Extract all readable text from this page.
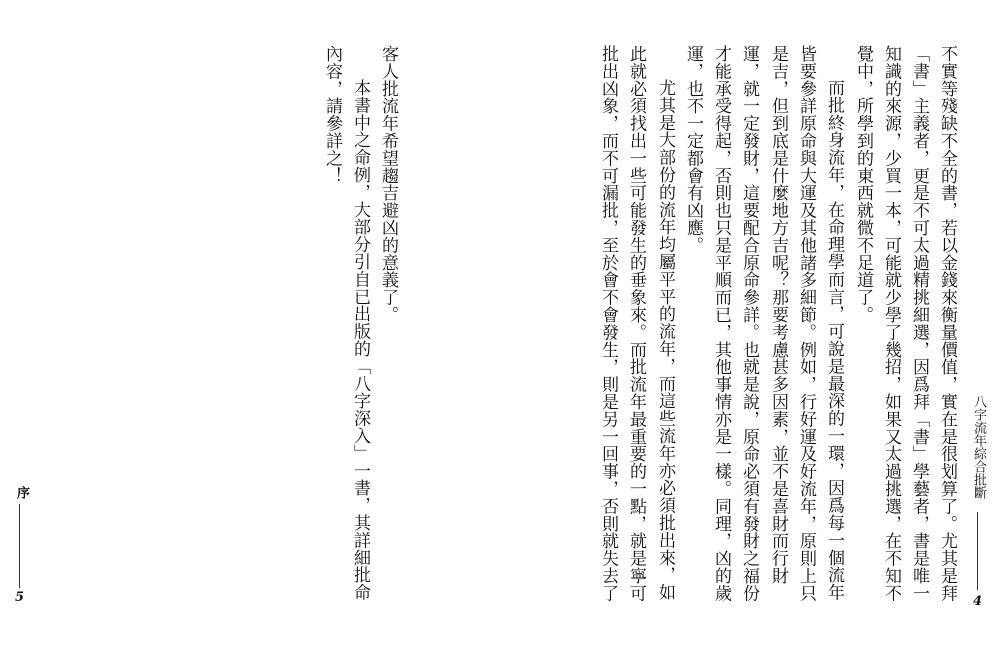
八字流年綜合批斷
4
不實等殘缺不全的書，若以金錢來衡量價值，實在是很划算了。尤其是拜
「書」主義者，更是不可太過精挑細選，因爲拜「書」學藝者，書是唯一
知識的來源，少買一本，可能就少學了幾招，如果又太過挑選，在不知不
覺中，所學到的東西就微不足道了。
而批終身流年，在命理學而言，可說是最深的一環，因爲每一個流年
皆要參詳原命與大運及其他諸多細節。例如，行好運及好流年，原則上只
是吉，但到底是什麼地方吉呢？那要考慮甚多因素，並不是喜財而行財
運，就一定發財，這要配合原命參詳。也就是說，原命必須有發財之福份
才能承受得起，否則也只是平順而已，其他事情亦是一樣。同理，凶的歲
運，也不一定都會有凶應。
尤其是大部份的流年均屬平平的流年，而這些流年亦必須批出來，如
此就必須找出一些可能發生的垂象來。而批流年最重要的一點，就是寧可
批出凶象，而不可漏批，至於會不會發生，則是另一回事，否則就失去了
客人批流年希望趨吉避凶的意義了。
本書中之命例，大部分引自已出版的「八字深入」一書，其詳細批命
內容，請參詳之！
序
5
